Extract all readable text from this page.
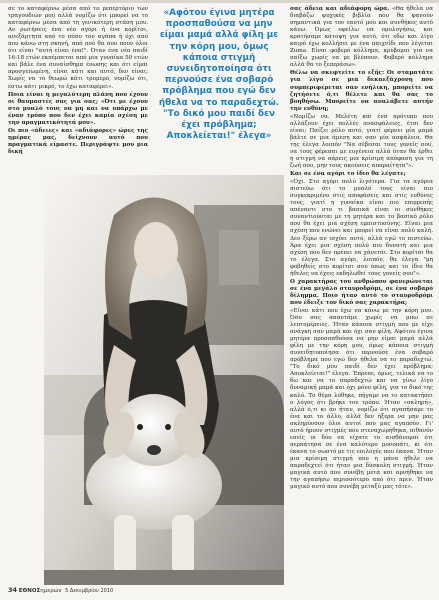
σε το καταφέρνω μέσα από το ρεπερτόριο των τραγουδιών μου αλλά νομίζω ότι μπορεί να το καταφέρνω μέσα από τη γενικότερη στάση μου. Αν ρωτήσεις ένα νέο αγόρι ή ένα κορίτσι, ανεξάρτητα από το πόσο τον αγάπα ή όχι από που κάνω στη σκηνή, από πού θα σου πουν όλοι ότι είναι "αυτή είναι ένα!". Όταν ένα νέο παιδί 16-18 ετών εκπέμπεται από μια γυναίκα 50 ετών και βάλε ένα συναίσθημα ένωσης και ότι είμαι προσγειωμένη, είναι κάτι και αυτό, δεν είναι; Χωρίς να το θεωρώ κάτι τρομερό, νομίζω ότι, έστω κάτι μικρό, το έχω καταφέρει».

Ποια είναι η μεγαλύτερη πλάνη που έχουν οι θαυμαστές σας για σας; «Ότι με έχουν στο μυαλό τους να μη και να υπάρχω με έναν τρόπο που δεν έχει καμία σχέση με την πραγματικότητά μου».

Οι πιο «άδειες» και «αδιάφορες» ώρες της ημέρας μας, δείχνουν αυτό που πραγματικά είμαστε. Περιγράψτε μου μια δική

«Αφότου έγινα μητέρα προσπαθούσα να μην είμαι μαμά αλλά φίλη με την κόρη μου, όμως κάποια στιγμή συνειδητοποίησα ότι περνούσε ένα σοβαρό πρόβλημα που εγώ δεν ήθελα να το παραδεχτώ. "Το δικό μου παιδί δεν έχει πρόβλημα; Αποκλείεται!" έλεγα»

σας άδεια και αδιάφορη ώρα. «Θα ήθελα να διαβάζω ψυχικές βιβλία που θα φανούν σημαντικά για τον εαυτό μου και συνθήκες αυτό κάνω. Όμως οφείλω να ομολογήσω, και κρατήσαμε κάτοψη για αυτό, ότι εδώ και λίγο καιρό έχω κολλήσει με ένα παιχνίδι που λέγεται Zuma. Είναι φοβερό κόλλημα, κρύβομαι για να παίξω χωρίς να με βλέπουν. Φοβερό κόλλημα αλλά θα το ξεπεράσω».

Θέλω να σκεφτείτε το εξής: Οι σταματάτε για λίγο σε μια δεκαεξάχρονη που συμπεριφέρεται σαν ενήλικη, μπορείτε να ζητήσετε ό,τι θέλετε και θα σας το βοηθήσω. Μπορείτε να αναλάβετε αυτήν την ευθύνη;

«Νομίζω να. Μελέτη και ένα πρότυπο που αλλάζουν έχει πολλές ανασφάλειες, έτσι δεν είναι; Παίζει ρόλο αυτό, γιατί φέρνει μία μαμά βάλτε σε μια άμεση και σαν μία ασφάλεια. Θα της έλεγα λοιπόν "Να σέβεσαι τους γονείς σου, να τους φέρεσαι με ευγένεια αλλά όταν θα έρθει η στιγμή να πάρεις μια κρίσιμη απόφαση για τη ζωή σου, μην τους ακούσεις απαραίτητα"».

Και σε ένα αγόρι το ίδιο θα λέγατε;

«Όχι. Στο αγόρι πολύ λιγότερα. Για τα αγόρια πιστεύω ότι το μυαλό τους είναι πιο συγκεκριμένο στις αποφάσεις και στις ευθύνες τους, γιατί η γυναίκα είναι πιο επιρρεπής απέναντι στο τι βασικά είναι οι συνθήκες συναντιούνται με τη μητέρα και το βασικό ρόλο που θα έχει μια σχέση εμπιστοσύνης. Είναι μια σχέση που ενώνει και μπορεί να είναι πολύ καλή. Δεν ξέρω αν ισχύει αυτό, αλλά εγώ το πιστεύω. Άρα έχει μια σχέση πολύ πιο δυνατή και μια σχέση που δεν πρέπει να χάνεται. Στο κορίτσι θα το έλεγα. Στο αγόρι, λοιπόν, θα έλεγα "μη φοβηθείς στο κορίτσι σου όπως και το ίδιο θα ήθελες να έχεις εκδηλωθεί τους γονείς σου"».

Ο χαρακτήρας του ανθρώπου φανερώνεται σε ένα μεγάλο σταυροδρόμι, σε ένα σοβαρό δίλημμα. Ποιο ήταν αυτό το σταυροδρόμι που έδειξε τον δικό σας χαρακτήρα;

«Είναι κάτι που έχω να κάνω με την κόρη μου. Όσο σας απαντάμε χωρίς να μπω σε λεπτομέρειες. Ήταν κάποια στιγμή που με είχε ανάγκη σαν μαμά και όχι σαν φίλη. Αφότου έγινα μητέρα προσπαθούσα να μην είμαι μαμά αλλά φίλη με την κόρη μου, όμως κάποια στιγμή συνειδητοποίησα ότι περνούσε ένα σοβαρό πρόβλημα που εγώ δεν ήθελα να το παραδεχτώ. "Το δικό μου παιδί δεν έχει πρόβλημα; Αποκλείεται!" έλεγα. Έπρεπε, όμως, τελικά να το δω και να το παραδεχτώ και να γίνω λίγο δυναμική μαμά και όχι μόνο φίλη, για το δικό της καλό. Το θέμα λύθηκε, πήγαμε να το κατακτήσει ο λόγος ότι βρήκε τον τρόπο. Ήταν «σκληρή», αλλά ό,τι κι αν ήταν, νομίζω ότι αγαπήσαμε το ένα και το άλλο, αλλά δεν ήξερα να μην μας σκληρύνουν όλοι αυτοί που μας αγαπούν. Γι' αυτό ήμουν στιγμές που στεναχωρήθηκα, πιθανόν εσείς οι δύο να είχατε το αισθάνομαι ότι περπάτησα σε ένα καλύτερο μονοπάτι, κι ότι έκανα το σωστό με τις επιλογές που έκανα. Ήταν μια κρίσιμη στιγμή που η μάνα ήθελε να παραδεχτεί ότι ήταν μια δύσκολη στιγμή. Ήταν μαγικά αυτό που συνέβη μετά και αρνήθηκε να την αγαπήσω περισσότερο από ότι πριν. Ήταν μαγικό αυτό που συνέβη μεταξύ μας τότε».

34 ΕΘΝΟΣημερών 5 Δεκεμβρίου 2010
